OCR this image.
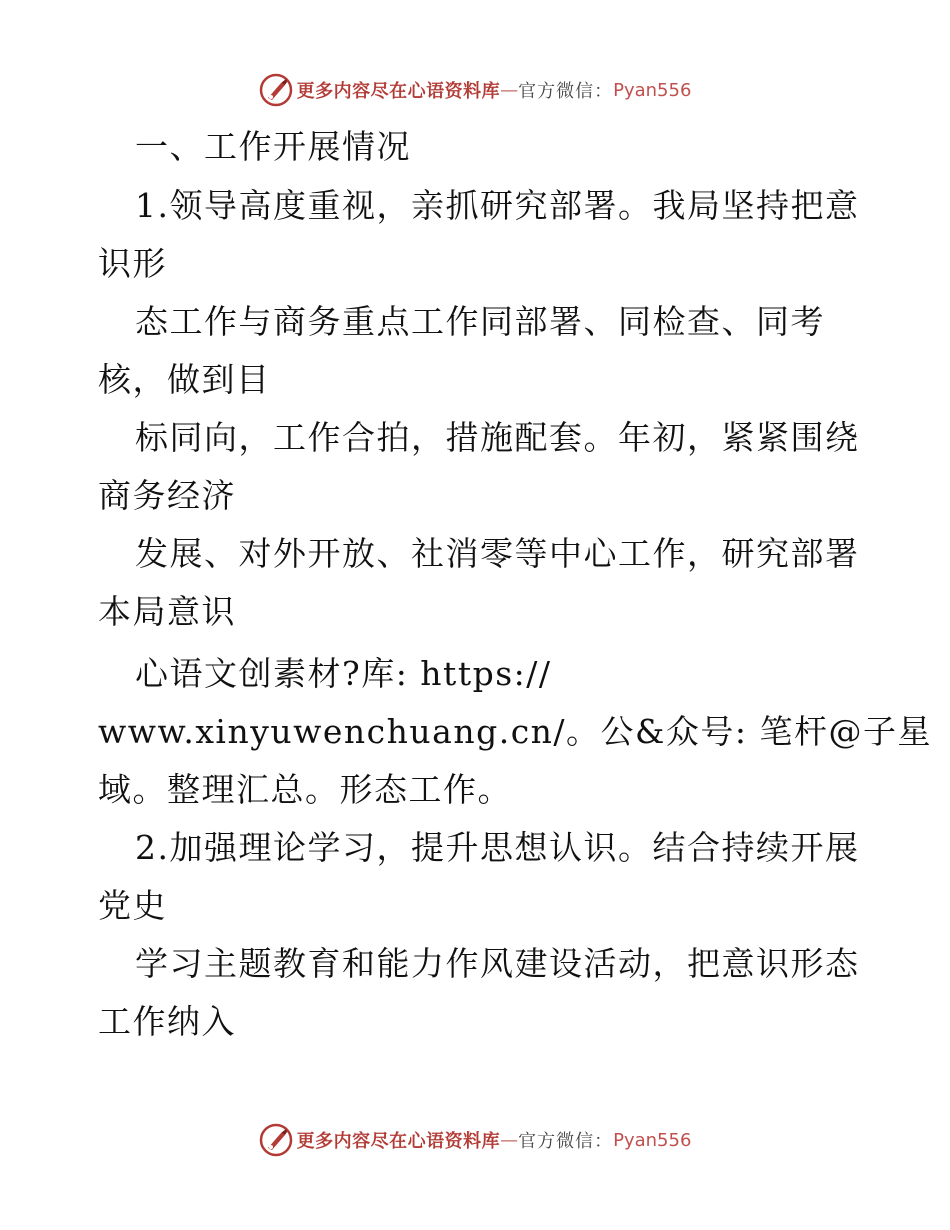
更多内容尽在心语资料库 — 官方微信： Pyan556
一、工作开展情况
1.领导高度重视，亲抓研究部署。我局坚持把意
识形
态工作与商务重点工作同部署、同检查、同考
核，做到目
标同向，工作合拍，措施配套。年初，紧紧围绕
商务经济
发展、对外开放、社消零等中心工作，研究部署
本局意识
心语文创素材?库: https://
www.xinyuwenchuang.cn/。公&众号: 笔杆@子星
域。整理汇总。形态工作。
2.加强理论学习，提升思想认识。结合持续开展
党史
学习主题教育和能力作风建设活动，把意识形态
工作纳入
更多内容尽在心语资料库 — 官方微信： Pyan556
